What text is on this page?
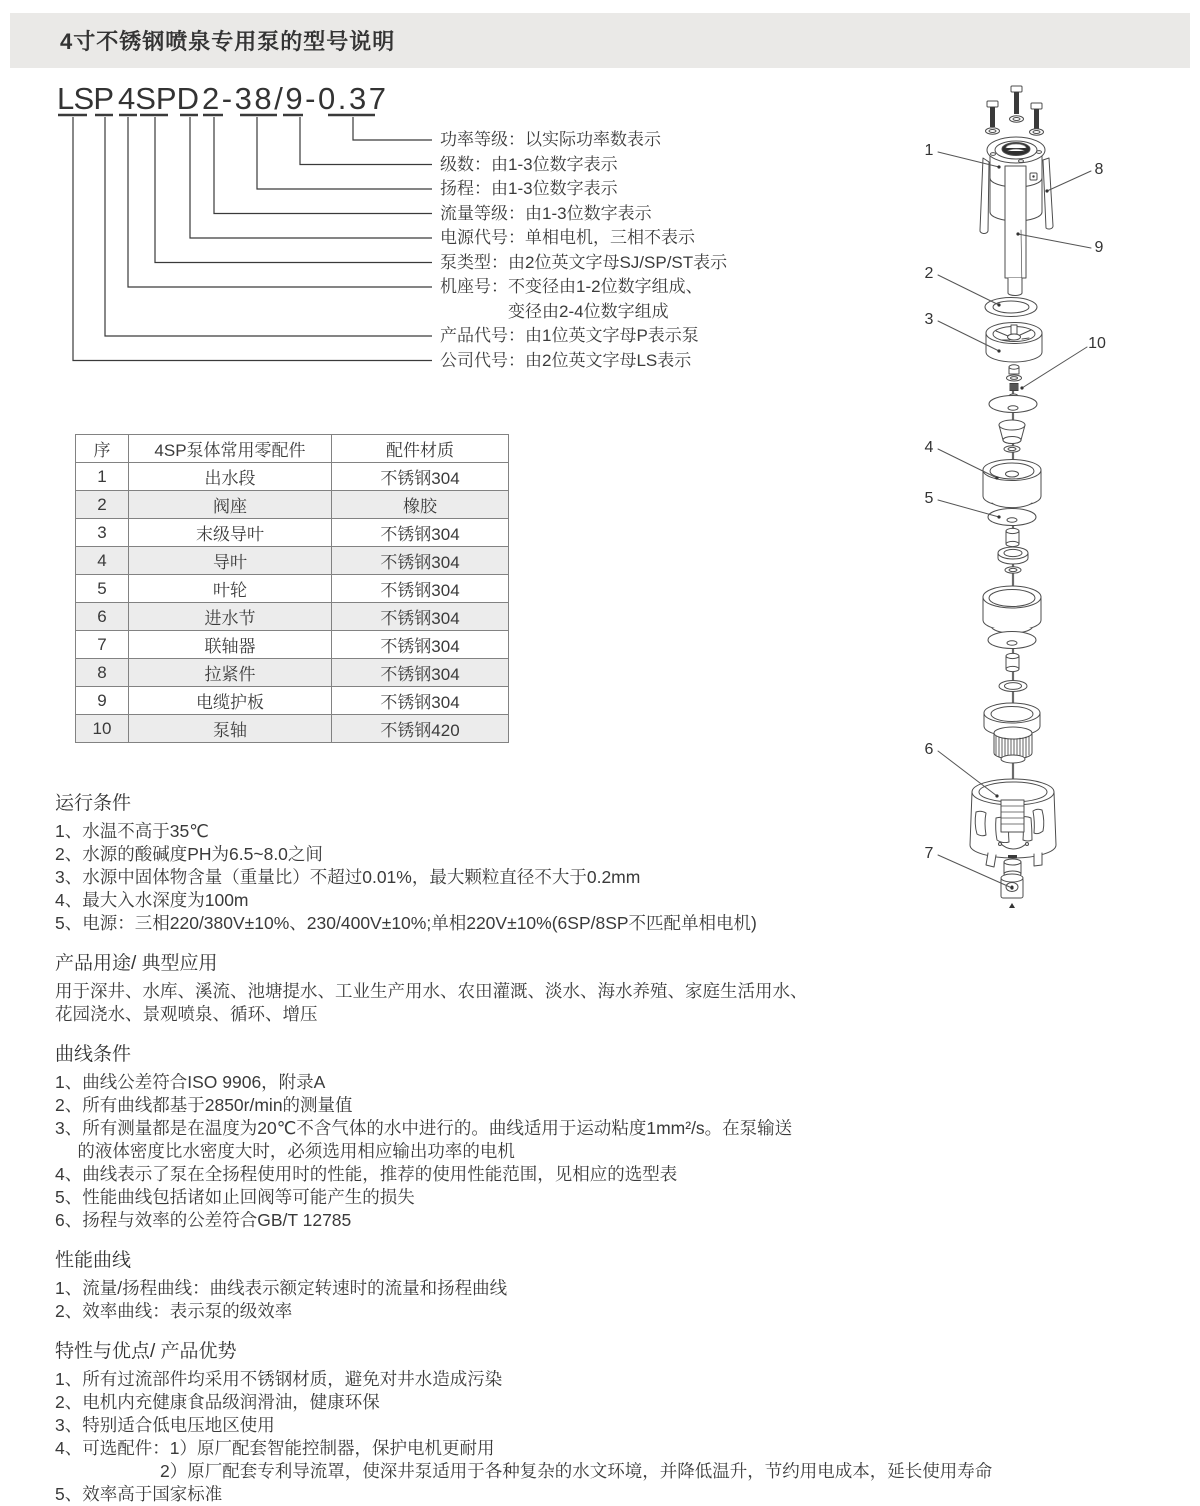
4寸不锈钢喷泉专用泵的型号说明
LSP 4SPD 2-38/9-0.37
功率等级：以实际功率数表示
级数：由1-3位数字表示
扬程：由1-3位数字表示
流量等级：由1-3位数字表示
电源代号：单相电机，三相不表示
泵类型：由2位英文字母SJ/SP/ST表示
机座号：不变径由1-2位数字组成、
　　　　变径由2-4位数字组成
产品代号：由1位英文字母P表示泵
公司代号：由2位英文字母LS表示
序	4SP泵体常用零配件	配件材质
1	出水段	不锈钢304
2	阀座	橡胶
3	末级导叶	不锈钢304
4	导叶	不锈钢304
5	叶轮	不锈钢304
6	进水节	不锈钢304
7	联轴器	不锈钢304
8	拉紧件	不锈钢304
9	电缆护板	不锈钢304
10	泵轴	不锈钢420
1
8
9
2
3
10
4
5
6
7
运行条件
1、水温不高于35℃
2、水源的酸碱度PH为6.5~8.0之间
3、水源中固体物含量（重量比）不超过0.01%，最大颗粒直径不大于0.2mm
4、最大入水深度为100m
5、电源：三相220/380V±10%、230/400V±10%;单相220V±10%(6SP/8SP不匹配单相电机)
产品用途/ 典型应用
用于深井、水库、溪流、池塘提水、工业生产用水、农田灌溉、淡水、海水养殖、家庭生活用水、
花园浇水、景观喷泉、循环、增压
曲线条件
1、曲线公差符合ISO 9906，附录A
2、所有曲线都基于2850r/min的测量值
3、所有测量都是在温度为20℃不含气体的水中进行的。曲线适用于运动粘度1mm²/s。在泵输送
　 的液体密度比水密度大时，必须选用相应输出功率的电机
4、曲线表示了泵在全扬程使用时的性能，推荐的使用性能范围，见相应的选型表
5、性能曲线包括诸如止回阀等可能产生的损失
6、扬程与效率的公差符合GB/T 12785
性能曲线
1、流量/扬程曲线：曲线表示额定转速时的流量和扬程曲线
2、效率曲线：表示泵的级效率
特性与优点/ 产品优势
1、所有过流部件均采用不锈钢材质，避免对井水造成污染
2、电机内充健康食品级润滑油，健康环保
3、特别适合低电压地区使用
4、可选配件：1）原厂配套智能控制器，保护电机更耐用
　　　　　　2）原厂配套专利导流罩，使深井泵适用于各种复杂的水文环境，并降低温升，节约用电成本，延长使用寿命
5、效率高于国家标准
